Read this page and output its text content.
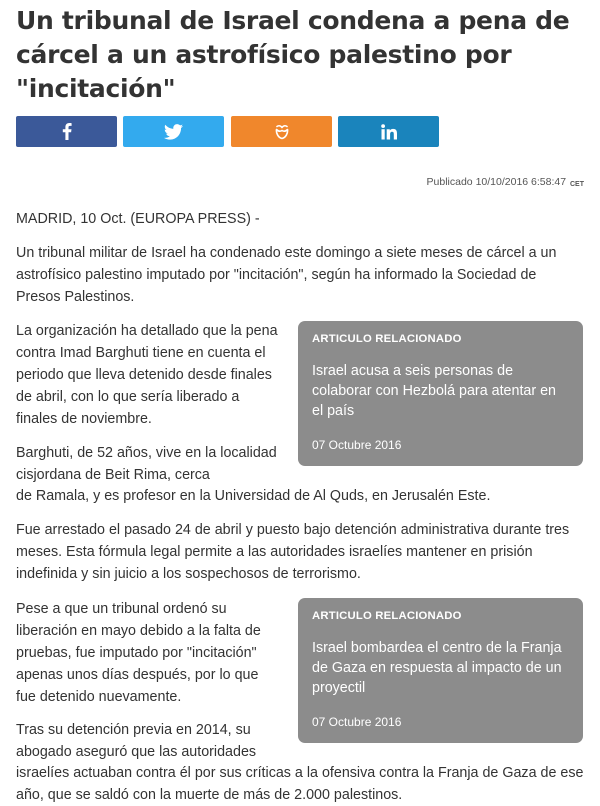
Un tribunal de Israel condena a pena de cárcel a un astrofísico palestino por "incitación"
Publicado 10/10/2016 6:58:47 CET

MADRID, 10 Oct. (EUROPA PRESS) -

Un tribunal militar de Israel ha condenado este domingo a siete meses de cárcel a un astrofísico palestino imputado por "incitación", según ha informado la Sociedad de Presos Palestinos.

La organización ha detallado que la pena contra Imad Barghuti tiene en cuenta el periodo que lleva detenido desde finales de abril, con lo que sería liberado a finales de noviembre.

Barghuti, de 52 años, vive en la localidad cisjordana de Beit Rima, cerca

de Ramala, y es profesor en la Universidad de Al Quds, en Jerusalén Este.

Fue arrestado el pasado 24 de abril y puesto bajo detención administrativa durante tres meses. Esta fórmula legal permite a las autoridades israelíes mantener en prisión indefinida y sin juicio a los sospechosos de terrorismo.

Pese a que un tribunal ordenó su liberación en mayo debido a la falta de pruebas, fue imputado por "incitación" apenas unos días después, por lo que fue detenido nuevamente.

Tras su detención previa en 2014, su abogado aseguró que las autoridades

israelíes actuaban contra él por sus críticas a la ofensiva contra la Franja de Gaza de ese año, que se saldó con la muerte de más de 2.000 palestinos.

ARTICULO RELACIONADO
Israel acusa a seis personas de colaborar con Hezbolá para atentar en el país
07 Octubre 2016
ARTICULO RELACIONADO
Israel bombardea el centro de la Franja de Gaza en respuesta al impacto de un proyectil
07 Octubre 2016
